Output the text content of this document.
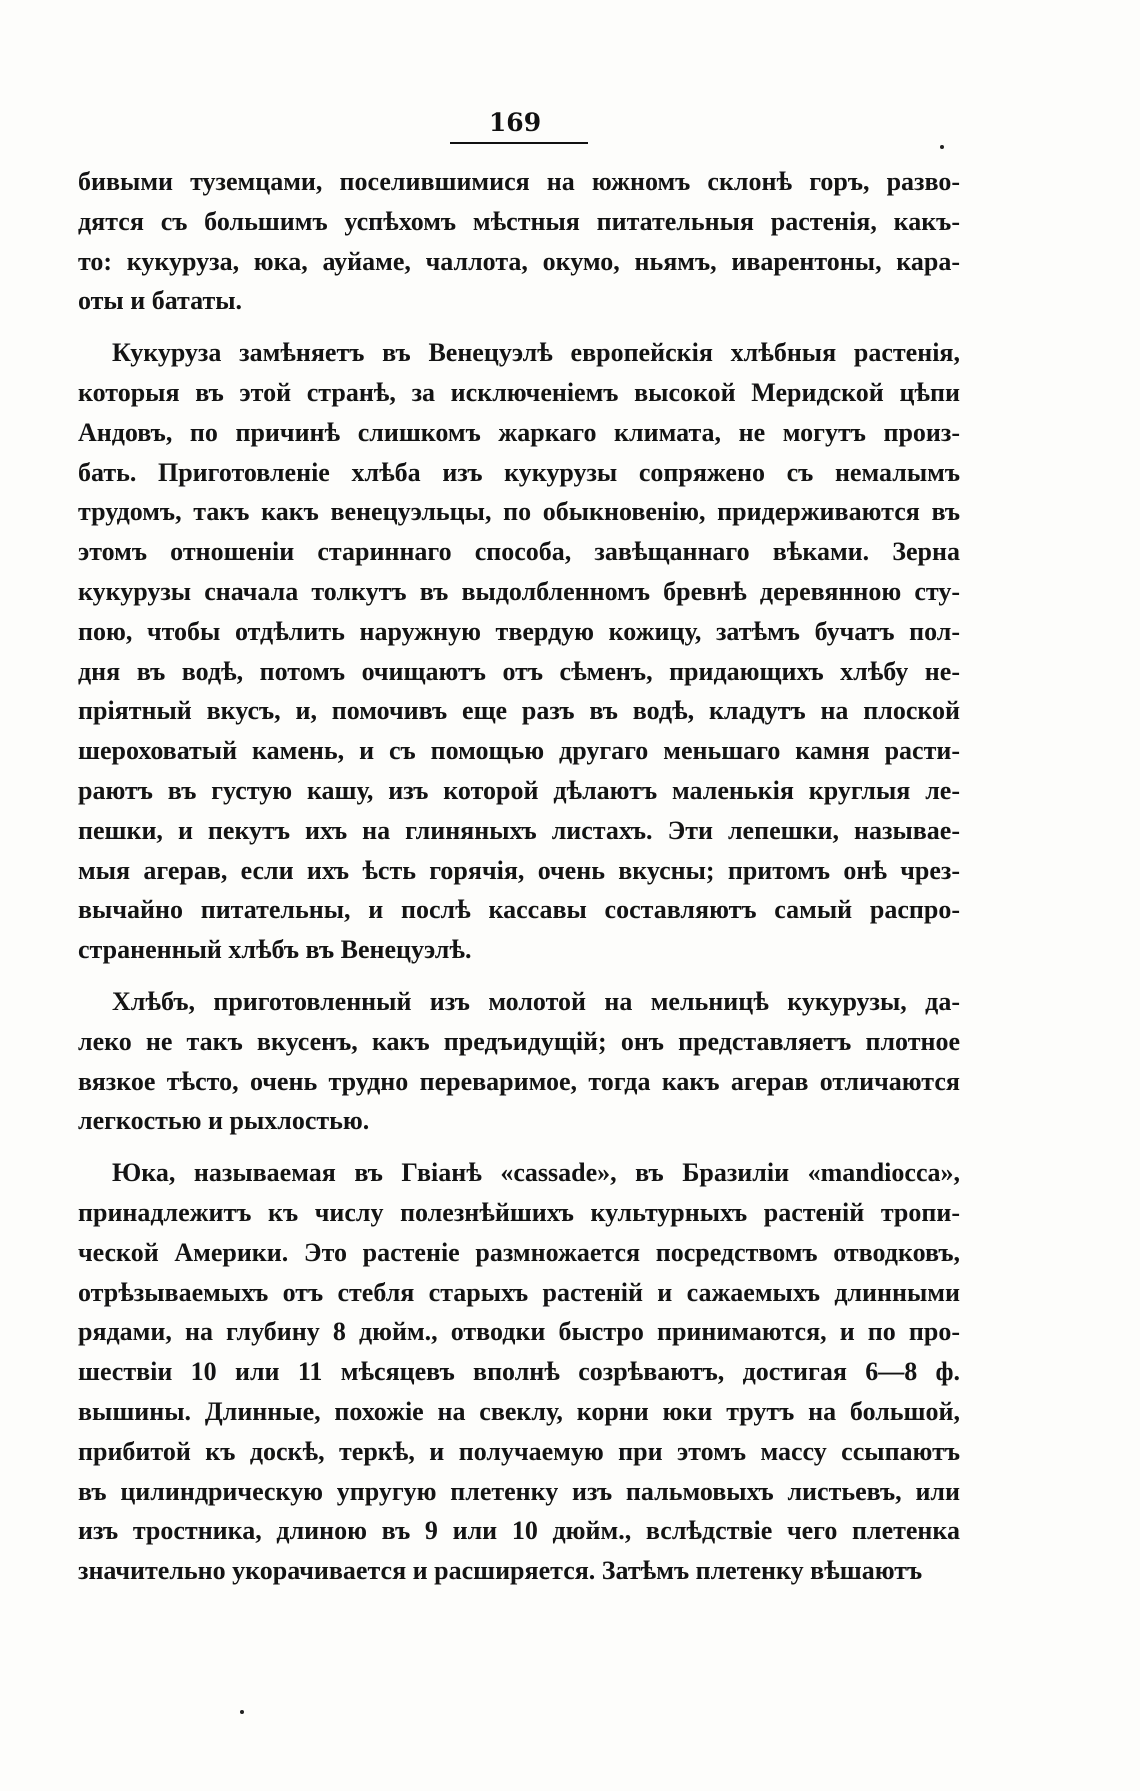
169

бивыми туземцами, поселившимися на южномъ склонѣ горъ, разво-
дятся съ большимъ успѣхомъ мѣстныя питательныя растенія, какъ-
то: кукуруза, юка, ауйаме, чаллота, окумо, ньямъ, иварентоны, кара-
оты и бататы.

Кукуруза замѣняетъ въ Венецуэлѣ европейскія хлѣбныя растенія,
которыя въ этой странѣ, за исключеніемъ высокой Меридской цѣпи
Андовъ, по причинѣ слишкомъ жаркаго климата, не могутъ произ-
бать. Приготовленіе хлѣба изъ кукурузы сопряжено съ немалымъ
трудомъ, такъ какъ венецуэльцы, по обыкновенію, придерживаются въ
этомъ отношеніи стариннаго способа, завѣщаннаго вѣками. Зерна
кукурузы сначала толкутъ въ выдолбленномъ бревнѣ деревянною сту-
пою, чтобы отдѣлить наружную твердую кожицу, затѣмъ бучатъ пол-
дня въ водѣ, потомъ очищаютъ отъ сѣменъ, придающихъ хлѣбу не-
пріятный вкусъ, и, помочивъ еще разъ въ водѣ, кладутъ на плоской
шероховатый камень, и съ помощью другаго меньшаго камня расти-
раютъ въ густую кашу, изъ которой дѣлаютъ маленькія круглыя ле-
пешки, и пекутъ ихъ на глиняныхъ листахъ. Эти лепешки, называе-
мыя агерав, если ихъ ѣсть горячія, очень вкусны; притомъ онѣ чрез-
вычайно питательны, и послѣ кассавы составляютъ самый распро-
страненный хлѣбъ въ Венецуэлѣ.

Хлѣбъ, приготовленный изъ молотой на мельницѣ кукурузы, да-
леко не такъ вкусенъ, какъ предъидущій; онъ представляетъ плотное
вязкое тѣсто, очень трудно переваримое, тогда какъ агерав отличаются
легкостью и рыхлостью.

Юка, называемая въ Гвіанѣ «cassade», въ Бразиліи «mandiocca»,
принадлежитъ къ числу полезнѣйшихъ культурныхъ растеній тропи-
ческой Америки. Это растеніе размножается посредствомъ отводковъ,
отрѣзываемыхъ отъ стебля старыхъ растеній и сажаемыхъ длинными
рядами, на глубину 8 дюйм., отводки быстро принимаются, и по про-
шествіи 10 или 11 мѣсяцевъ вполнѣ созрѣваютъ, достигая 6—8 ф.
вышины. Длинные, похожіе на свеклу, корни юки трутъ на большой,
прибитой къ доскѣ, теркѣ, и получаемую при этомъ массу ссыпаютъ
въ цилиндрическую упругую плетенку изъ пальмовыхъ листьевъ, или
изъ тростника, длиною въ 9 или 10 дюйм., вслѣдствіе чего плетенка
значительно укорачивается и расширяется. Затѣмъ плетенку вѣшаютъ
